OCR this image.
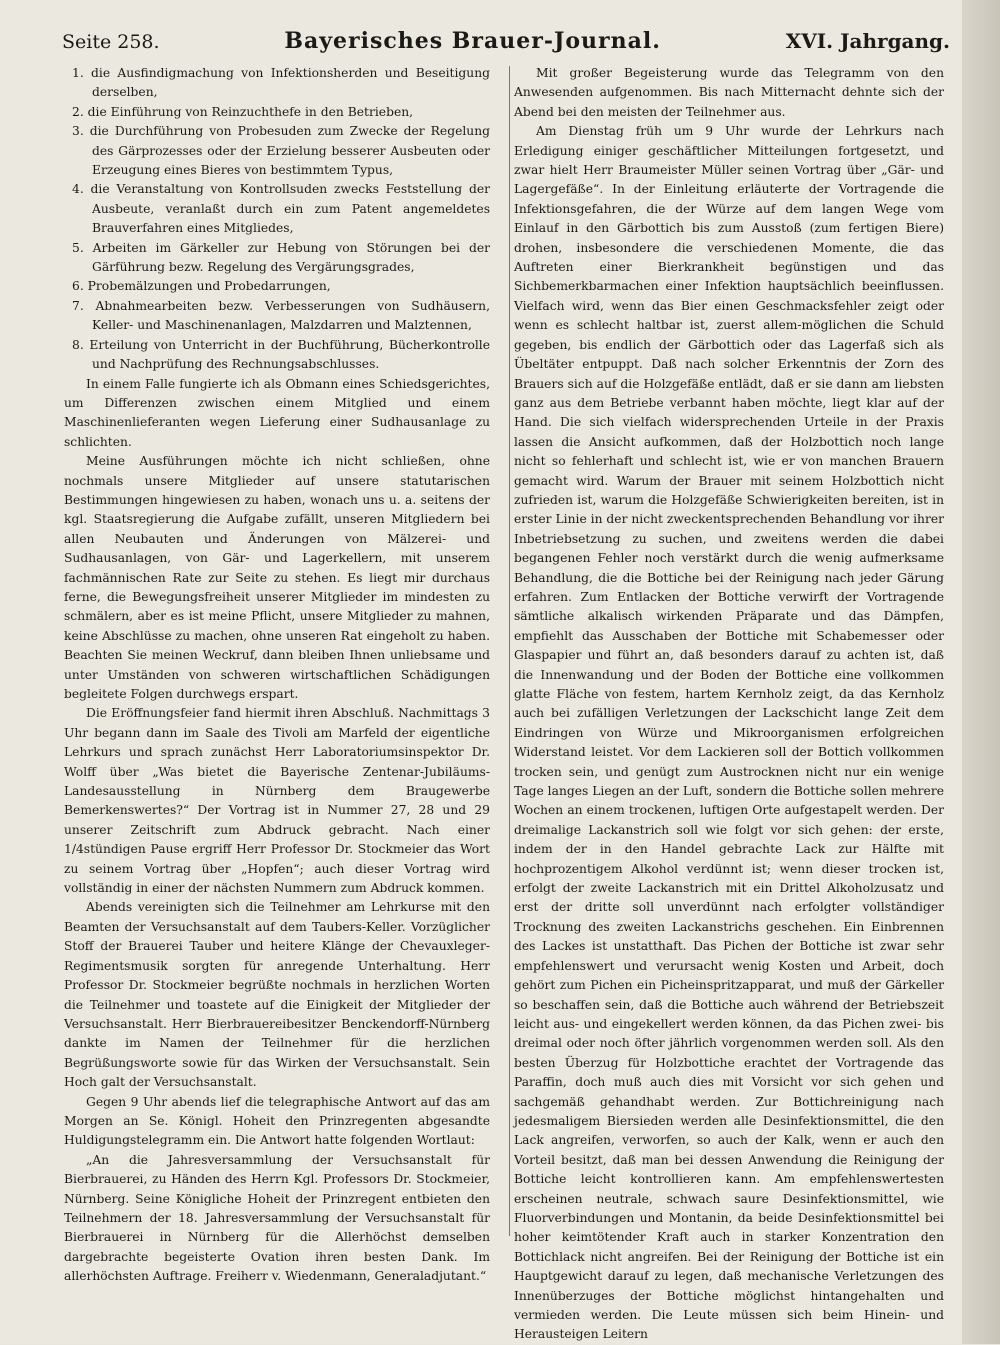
Seite 258.	Bayerisches Brauer-Journal.	XVI. Jahrgang.
1. die Ausfindigmachung von Infektionsherden und Beseitigung derselben,
2. die Einführung von Reinzuchthefe in den Betrieben,
3. die Durchführung von Probesuden zum Zwecke der Regelung des Gärprozesses oder der Erzielung besserer Ausbeuten oder Erzeugung eines Bieres von bestimmtem Typus,
4. die Veranstaltung von Kontrollsuden zwecks Feststellung der Ausbeute, veranlaßt durch ein zum Patent angemeldetes Brauverfahren eines Mitgliedes,
5. Arbeiten im Gärkeller zur Hebung von Störungen bei der Gärführung bezw. Regelung des Vergärungsgrades,
6. Probemälzungen und Probedarrungen,
7. Abnahmearbeiten bezw. Verbesserungen von Sudhäusern, Keller- und Maschinenanlagen, Malzdarren und Malztennen,
8. Erteilung von Unterricht in der Buchführung, Bücherkontrolle und Nachprüfung des Rechnungsabschlusses.

In einem Falle fungierte ich als Obmann eines Schiedsgerichtes, um Differenzen zwischen einem Mitglied und einem Maschinenlieferanten wegen Lieferung einer Sudhausanlage zu schlichten.

Meine Ausführungen möchte ich nicht schließen, ohne nochmals unsere Mitglieder auf unsere statutarischen Bestimmungen hingewiesen zu haben, wonach uns u. a. seitens der kgl. Staatsregierung die Aufgabe zufällt, unseren Mitgliedern bei allen Neubauten und Änderungen von Mälzerei- und Sudhausanlagen, von Gär- und Lagerkellern, mit unserem fachmännischen Rate zur Seite zu stehen. Es liegt mir durchaus ferne, die Bewegungsfreiheit unserer Mitglieder im mindesten zu schmälern, aber es ist meine Pflicht, unsere Mitglieder zu mahnen, keine Abschlüsse zu machen, ohne unseren Rat eingeholt zu haben. Beachten Sie meinen Weckruf, dann bleiben Ihnen unliebsame und unter Umständen von schweren wirtschaftlichen Schädigungen begleitete Folgen durchwegs erspart.

Die Eröffnungsfeier fand hiermit ihren Abschluß. Nachmittags 3 Uhr begann dann im Saale des Tivoli am Marfeld der eigentliche Lehrkurs und sprach zunächst Herr Laboratoriumsinspektor Dr. Wolff über „Was bietet die Bayerische Zentenar-Jubiläums-Landesausstellung in Nürnberg dem Braugewerbe Bemerkenswertes?“ Der Vortrag ist in Nummer 27, 28 und 29 unserer Zeitschrift zum Abdruck gebracht. Nach einer 1/4stündigen Pause ergriff Herr Professor Dr. Stockmeier das Wort zu seinem Vortrag über „Hopfen“; auch dieser Vortrag wird vollständig in einer der nächsten Nummern zum Abdruck kommen.

Abends vereinigten sich die Teilnehmer am Lehrkurse mit den Beamten der Versuchsanstalt auf dem Taubers-Keller. Vorzüglicher Stoff der Brauerei Tauber und heitere Klänge der Chevauxleger-Regimentsmusik sorgten für anregende Unterhaltung. Herr Professor Dr. Stockmeier begrüßte nochmals in herzlichen Worten die Teilnehmer und toastete auf die Einigkeit der Mitglieder der Versuchsanstalt. Herr Bierbrauereibesitzer Benckendorff-Nürnberg dankte im Namen der Teilnehmer für die herzlichen Begrüßungsworte sowie für das Wirken der Versuchsanstalt. Sein Hoch galt der Versuchsanstalt.

Gegen 9 Uhr abends lief die telegraphische Antwort auf das am Morgen an Se. Königl. Hoheit den Prinzregenten abgesandte Huldigungstelegramm ein. Die Antwort hatte folgenden Wortlaut:

„An die Jahresversammlung der Versuchsanstalt für Bierbrauerei, zu Händen des Herrn Kgl. Professors Dr. Stockmeier, Nürnberg. Seine Königliche Hoheit der Prinzregent entbieten den Teilnehmern der 18. Jahresversammlung der Versuchsanstalt für Bierbrauerei in Nürnberg für die Allerhöchst demselben dargebrachte begeisterte Ovation ihren besten Dank. Im allerhöchsten Auftrage. Freiherr v. Wiedenmann, Generaladjutant.“

Mit großer Begeisterung wurde das Telegramm von den Anwesenden aufgenommen. Bis nach Mitternacht dehnte sich der Abend bei den meisten der Teilnehmer aus.

Am Dienstag früh um 9 Uhr wurde der Lehrkurs nach Erledigung einiger geschäftlicher Mitteilungen fortgesetzt, und zwar hielt Herr Braumeister Müller seinen Vortrag über „Gär- und Lagergefäße“. In der Einleitung erläuterte der Vortragende die Infektionsgefahren, die der Würze auf dem langen Wege vom Einlauf in den Gärbottich bis zum Ausstoß (zum fertigen Biere) drohen, insbesondere die verschiedenen Momente, die das Auftreten einer Bierkrankheit begünstigen und das Sichbemerkbarmachen einer Infektion hauptsächlich beeinflussen. Vielfach wird, wenn das Bier einen Geschmacksfehler zeigt oder wenn es schlecht haltbar ist, zuerst allem-möglichen die Schuld gegeben, bis endlich der Gärbottich oder das Lagerfaß sich als Übeltäter entpuppt. Daß nach solcher Erkenntnis der Zorn des Brauers sich auf die Holzgefäße entlädt, daß er sie dann am liebsten ganz aus dem Betriebe verbannt haben möchte, liegt klar auf der Hand. Die sich vielfach widersprechenden Urteile in der Praxis lassen die Ansicht aufkommen, daß der Holzbottich noch lange nicht so fehlerhaft und schlecht ist, wie er von manchen Brauern gemacht wird. Warum der Brauer mit seinem Holzbottich nicht zufrieden ist, warum die Holzgefäße Schwierigkeiten bereiten, ist in erster Linie in der nicht zweckentsprechenden Behandlung vor ihrer Inbetriebsetzung zu suchen, und zweitens werden die dabei begangenen Fehler noch verstärkt durch die wenig aufmerksame Behandlung, die die Bottiche bei der Reinigung nach jeder Gärung erfahren. Zum Entlacken der Bottiche verwirft der Vortragende sämtliche alkalisch wirkenden Präparate und das Dämpfen, empfiehlt das Ausschaben der Bottiche mit Schabemesser oder Glaspapier und führt an, daß besonders darauf zu achten ist, daß die Innenwandung und der Boden der Bottiche eine vollkommen glatte Fläche von festem, hartem Kernholz zeigt, da das Kernholz auch bei zufälligen Verletzungen der Lackschicht lange Zeit dem Eindringen von Würze und Mikroorganismen erfolgreichen Widerstand leistet. Vor dem Lackieren soll der Bottich vollkommen trocken sein, und genügt zum Austrocknen nicht nur ein wenige Tage langes Liegen an der Luft, sondern die Bottiche sollen mehrere Wochen an einem trockenen, luftigen Orte aufgestapelt werden. Der dreimalige Lackanstrich soll wie folgt vor sich gehen: der erste, indem der in den Handel gebrachte Lack zur Hälfte mit hochprozentigem Alkohol verdünnt ist; wenn dieser trocken ist, erfolgt der zweite Lackanstrich mit ein Drittel Alkoholzusatz und erst der dritte soll unverdünnt nach erfolgter vollständiger Trocknung des zweiten Lackanstrichs geschehen. Ein Einbrennen des Lackes ist unstatthaft. Das Pichen der Bottiche ist zwar sehr empfehlenswert und verursacht wenig Kosten und Arbeit, doch gehört zum Pichen ein Picheinspritzapparat, und muß der Gärkeller so beschaffen sein, daß die Bottiche auch während der Betriebszeit leicht aus- und eingekellert werden können, da das Pichen zwei- bis dreimal oder noch öfter jährlich vorgenommen werden soll. Als den besten Überzug für Holzbottiche erachtet der Vortragende das Paraffin, doch muß auch dies mit Vorsicht vor sich gehen und sachgemäß gehandhabt werden. Zur Bottichreinigung nach jedesmaligem Biersieden werden alle Desinfektionsmittel, die den Lack angreifen, verworfen, so auch der Kalk, wenn er auch den Vorteil besitzt, daß man bei dessen Anwendung die Reinigung der Bottiche leicht kontrollieren kann. Am empfehlenswertesten erscheinen neutrale, schwach saure Desinfektionsmittel, wie Fluorverbindungen und Montanin, da beide Desinfektionsmittel bei hoher keimtötender Kraft auch in starker Konzentration den Bottichlack nicht angreifen. Bei der Reinigung der Bottiche ist ein Hauptgewicht darauf zu legen, daß mechanische Verletzungen des Innenüberzuges der Bottiche möglichst hintangehalten und vermieden werden. Die Leute müssen sich beim Hinein- und Herausteigen Leitern
